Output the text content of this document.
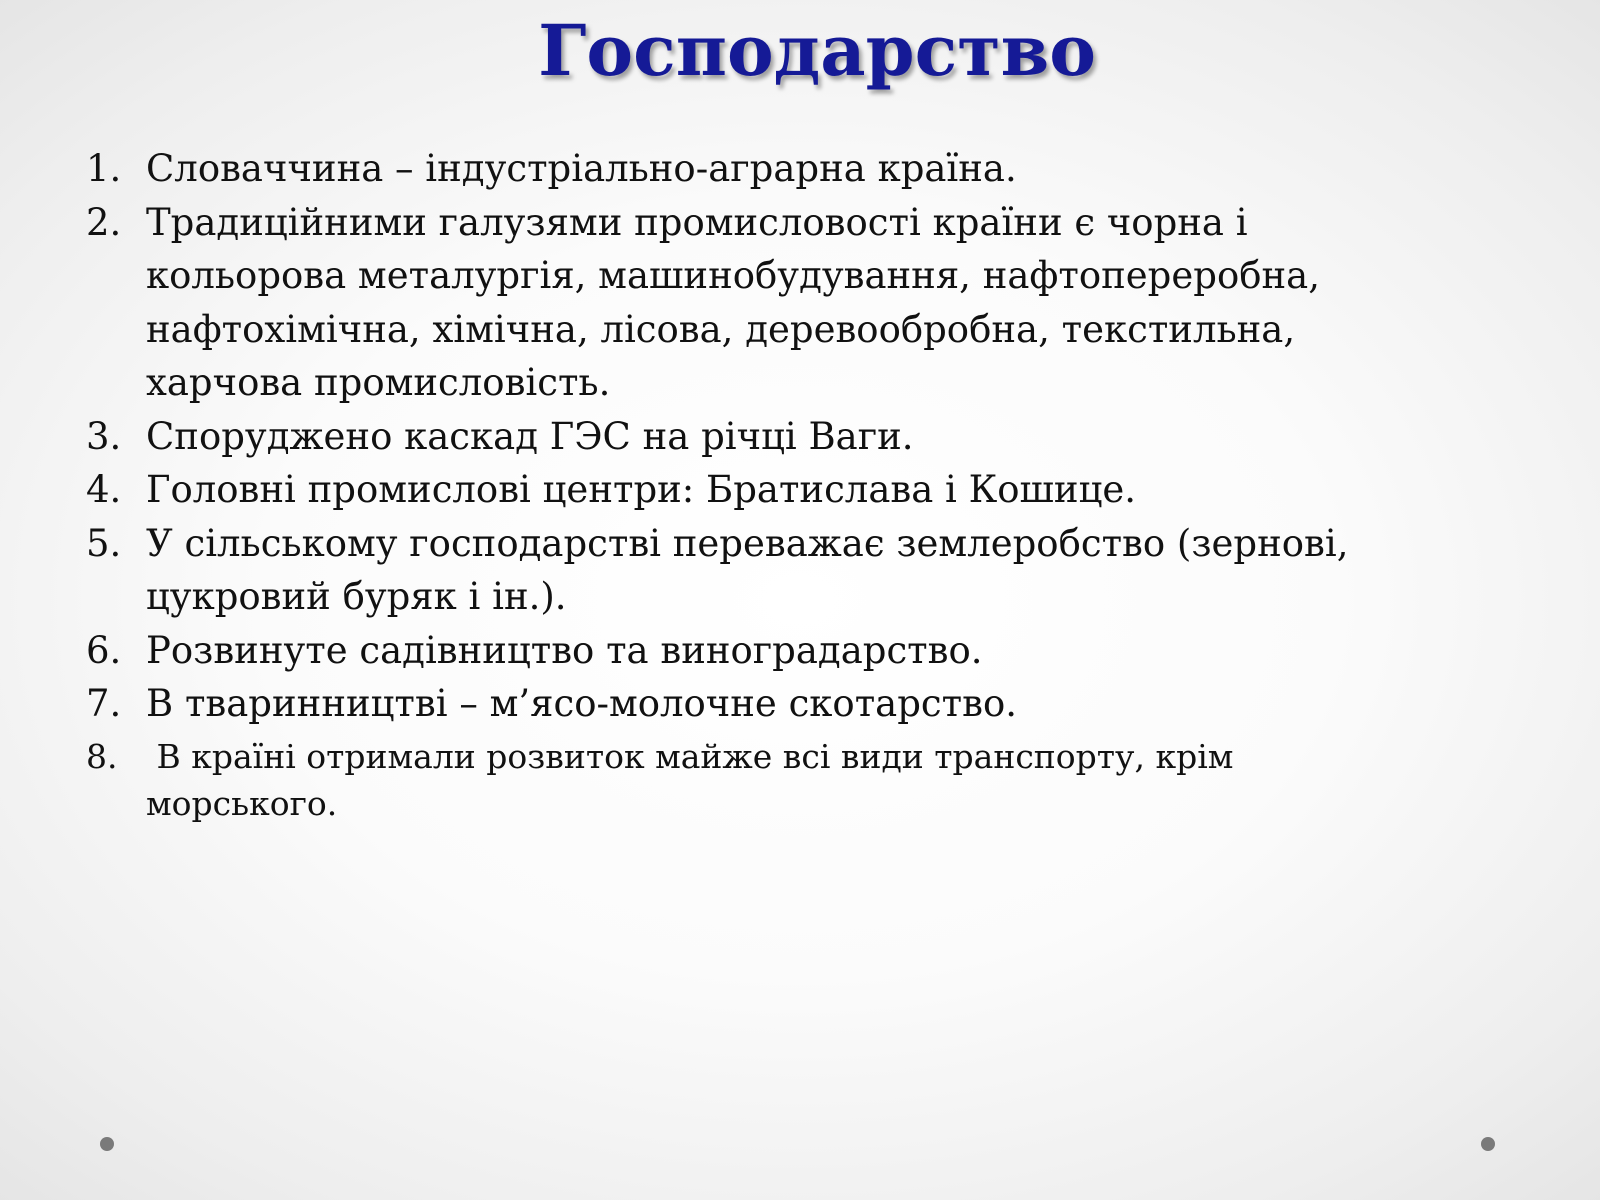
Господарство
1. Словаччина – індустріально-аграрна країна.
2. Традиційними галузями промисловості країни є чорна і
кольорова металургія, машинобудування, нафтопереробна,
нафтохімічна, хімічна, лісова, деревообробна, текстильна,
харчова промисловість.
3. Споруджено каскад ГЭС на річці Ваги.
4. Головні промислові центри: Братислава і Кошице.
5. У сільському господарстві переважає землеробство (зернові,
цукровий буряк і ін.).
6. Розвинуте садівництво та виноградарство.
7. В тваринництві – м’ясо-молочне скотарство.
8. В країні отримали розвиток майже всі види транспорту, крім
морського.
